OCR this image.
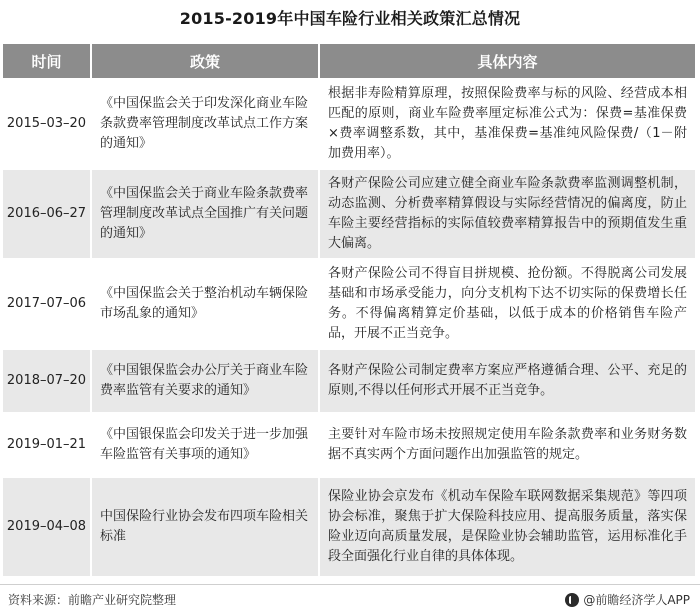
2015-2019年中国车险行业相关政策汇总情况
时间	政策	具体内容
2015–03–20	《中国保监会关于印发深化商业车险条款费率管理制度改革试点工作方案的通知》	根据非寿险精算原理，按照保险费率与标的风险、经营成本相匹配的原则，商业车险费率厘定标准公式为：保费=基准保费×费率调整系数，其中，基准保费=基准纯风险保费/（1－附加费用率）。
2016–06–27	《中国保监会关于商业车险条款费率管理制度改革试点全国推广有关问题的通知》	各财产保险公司应建立健全商业车险条款费率监测调整机制，动态监测、分析费率精算假设与实际经营情况的偏离度，防止车险主要经营指标的实际值较费率精算报告中的预期值发生重大偏离。
2017–07–06	《中国保监会关于整治机动车辆保险市场乱象的通知》	各财产保险公司不得盲目拼规模、抢份额。不得脱离公司发展基础和市场承受能力，向分支机构下达不切实际的保费增长任务。不得偏离精算定价基础，以低于成本的价格销售车险产品，开展不正当竞争。
2018–07–20	《中国银保监会办公厅关于商业车险费率监管有关要求的通知》	各财产保险公司制定费率方案应严格遵循合理、公平、充足的原则,不得以任何形式开展不正当竞争。
2019–01–21	《中国银保监会印发关于进一步加强车险监管有关事项的通知》	主要针对车险市场未按照规定使用车险条款费率和业务财务数据不真实两个方面问题作出加强监管的规定。
2019–04–08	中国保险行业协会发布四项车险相关标准	保险业协会京发布《机动车保险车联网数据采集规范》等四项协会标准，聚焦于扩大保险科技应用、提高服务质量，落实保险业迈向高质量发展，是保险业协会辅助监管，运用标准化手段全面强化行业自律的具体体现。
资料来源：前瞻产业研究院整理	@前瞻经济学人APP
